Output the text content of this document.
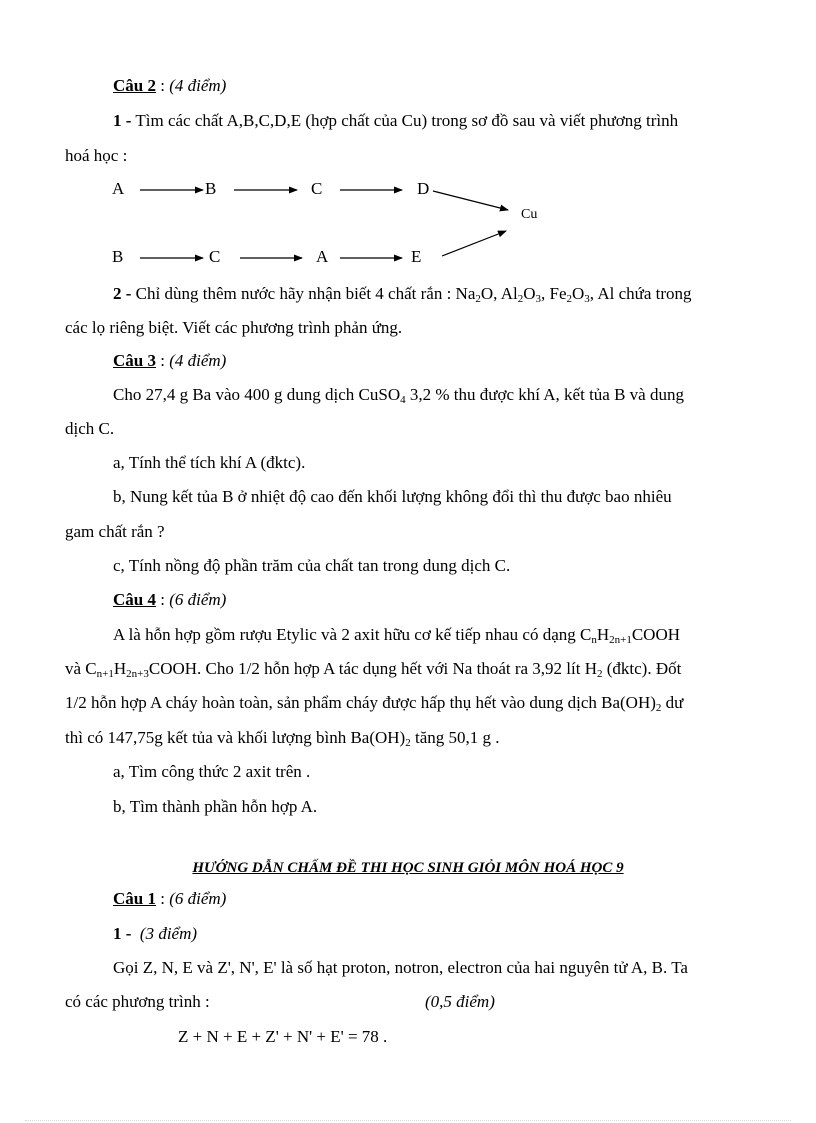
Câu 2 : (4 điểm)
1 - Tìm các chất A,B,C,D,E (hợp chất của Cu) trong sơ đồ sau và viết phương trình
hoá học :
A	B	C	D
Cu
B	C	A	E
2 - Chỉ dùng thêm nước hãy nhận biết 4 chất rắn : $Na_2O$, $Al_2O_3$, $Fe_2O_3$, Al chứa trong
các lọ riêng biệt. Viết các phương trình phản ứng.
Câu 3 : (4 điểm)
Cho 27,4 g Ba vào 400 g dung dịch CuSO$_4$ 3,2 % thu được khí A, kết tủa B và dung
dịch C.
a, Tính thể tích khí A (đktc).
b, Nung kết tủa B ở nhiệt độ cao đến khối lượng không đổi thì thu được bao nhiêu
gam chất rắn ?
c, Tính nồng độ phần trăm của chất tan trong dung dịch C.
Câu 4 : (6 điểm)
A là hỗn hợp gồm rượu Etylic và 2 axit hữu cơ kế tiếp nhau có dạng $C_nH_{2n+1}COOH$
và $C_{n+1}H_{2n+3}COOH$. Cho 1/2 hỗn hợp A tác dụng hết với Na thoát ra 3,92 lít $H_2$ (đktc). Đốt
1/2 hỗn hợp A cháy hoàn toàn, sản phẩm cháy được hấp thụ hết vào dung dịch $Ba(OH)_2$ dư
thì có 147,75g kết tủa và khối lượng bình $Ba(OH)_2$ tăng 50,1 g .
a, Tìm công thức 2 axit trên .
b, Tìm thành phần hỗn hợp A.
HƯỚNG DẪN CHẤM ĐỀ THI HỌC SINH GIỎI MÔN HOÁ HỌC 9
Câu 1 : (6 điểm)
1 - (3 điểm)
Gọi Z, N, E và Z', N', E' là số hạt proton, notron, electron của hai nguyên tử A, B. Ta
có các phương trình :	(0,5 điểm)
Z + N + E + Z' + N' + E' = 78 .
